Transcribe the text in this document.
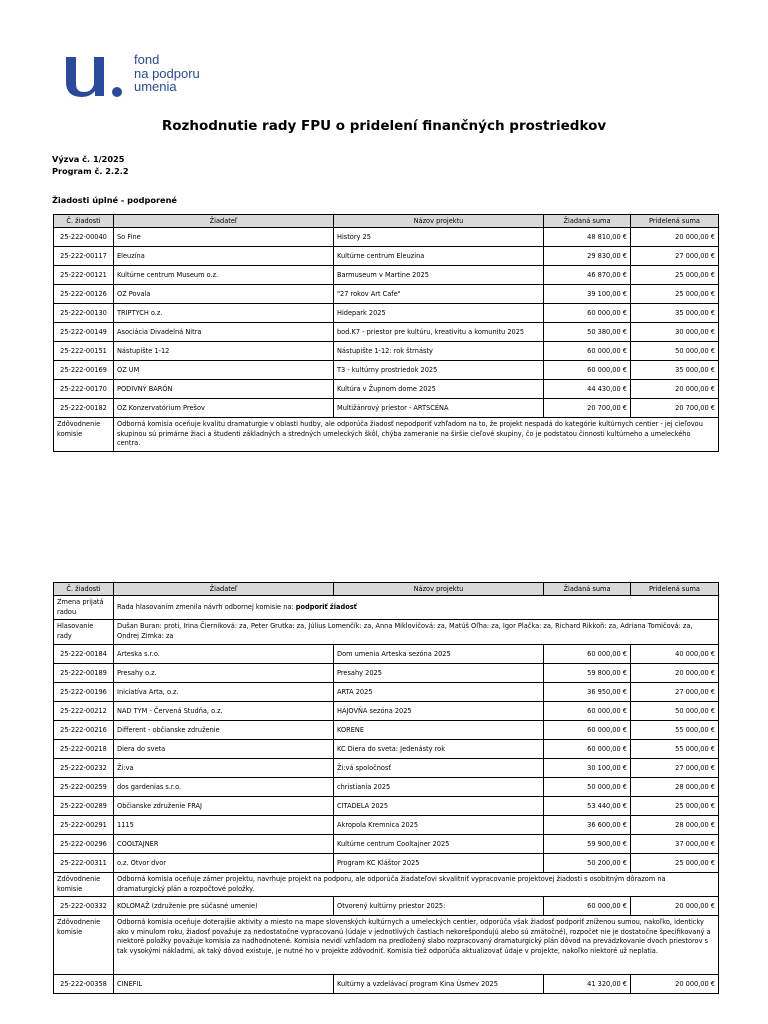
fond
na podporu
umenia
Rozhodnutie rady FPU o pridelení finančných prostriedkov
Výzva č. 1/2025
Program č. 2.2.2
Žiadosti úplné - podporené
Č. žiadosti	Žiadateľ	Názov projektu	Žiadaná suma	Pridelená suma
25-222-00040	So Fine	History 25	48 810,00 €	20 000,00 €
25-222-00117	Eleuzína	Kultúrne centrum Eleuzína	29 830,00 €	27 000,00 €
25-222-00121	Kultúrne centrum Museum o.z.	Barmuseum v Martine 2025	46 870,00 €	25 000,00 €
25-222-00126	OZ Povala	"27 rokov Art Cafe"	39 100,00 €	25 000,00 €
25-222-00130	TRIPTYCH o.z.	Hidepark 2025	60 000,00 €	35 000,00 €
25-222-00149	Asociácia Divadelná Nitra	bod.K7 - priestor pre kultúru, kreativitu a komunitu 2025	50 380,00 €	30 000,00 €
25-222-00151	Nástupište 1-12	Nástupište 1-12: rok štrnásty	60 000,00 €	50 000,00 €
25-222-00169	OZ UM	T3 - kultúrny prostriedok 2025	60 000,00 €	35 000,00 €
25-222-00170	PODIVNÝ BARÓN	Kultúra v Župnom dome 2025	44 430,00 €	20 000,00 €
25-222-00182	OZ Konzervatórium Prešov	Multižánrový priestor - ARTSCÉNA	20 700,00 €	20 700,00 €
Zdôvodnenie komisie	Odborná komisia oceňuje kvalitu dramaturgie v oblasti hudby, ale odporúča žiadosť nepodporiť vzhľadom na to, že projekt nespadá do kategórie kultúrnych centier - jej cieľovou skupinou sú primárne žiaci a študenti základných a stredných umeleckých škôl, chýba zameranie na širšie cieľové skupiny, čo je podstatou činnosti kultúrneho a umeleckého centra.			
Č. žiadosti	Žiadateľ	Názov projektu	Žiadaná suma	Pridelená suma
Zmena prijatá radou	Rada hlasovaním zmenila návrh odbornej komisie na: podporiť žiadosť			
Hlasovanie rady	Dušan Buran: proti, Irina Čierniková: za, Peter Grutka: za, Július Lomenčík: za, Anna Miklovičová: za, Matúš Oľha: za, Igor Plačka: za, Richard Rikkoň: za, Adriana Tomičová: za, Ondrej Zimka: za			
25-222-00184	Arteska s.r.o.	Dom umenia Arteska sezóna 2025	60 000,00 €	40 000,00 €
25-222-00189	Presahy o.z.	Presahy 2025	59 800,00 €	20 000,00 €
25-222-00196	Iniciatíva Arta, o.z.	ARTA 2025	36 950,00 €	27 000,00 €
25-222-00212	NAD TÝM - Červená Studňa, o.z.	HÁJOVŇA sezóna 2025	60 000,00 €	50 000,00 €
25-222-00216	Different - občianske združenie	KORENE	60 000,00 €	55 000,00 €
25-222-00218	Diera do sveta	KC Diera do sveta: Jedenásty rok	60 000,00 €	55 000,00 €
25-222-00232	Ži:va	Ži:vá spoločnosť	30 100,00 €	27 000,00 €
25-222-00259	dos gardenias s.r.o.	christiania 2025	50 000,00 €	28 000,00 €
25-222-00289	Občianske združenie FRAJ	CITADELA 2025	53 440,00 €	25 000,00 €
25-222-00291	1115	Akropola Kremnica 2025	36 600,00 €	28 000,00 €
25-222-00296	COOLTAJNER	Kultúrne centrum Cooltajner 2025	59 900,00 €	37 000,00 €
25-222-00311	o.z. Otvor dvor	Program KC Kláštor 2025	50 200,00 €	25 000,00 €
Zdôvodnenie komisie	Odborná komisia oceňuje zámer projektu, navrhuje projekt na podporu, ale odporúča žiadateľovi skvalitniť vypracovanie projektovej žiadosti s osobitným dôrazom na dramaturgický plán a rozpočtové položky.			
25-222-00332	KOLOMAŽ (združenie pre súčasné umenie)	Otvorený kultúrny priestor 2025:	60 000,00 €	20 000,00 €
Zdôvodnenie komisie	Odborná komisia oceňuje doterajšie aktivity a miesto na mape slovenských kultúrnych a umeleckých centier, odporúča však žiadosť podporiť zníženou sumou, nakoľko, identicky ako v minulom roku, žiadosť považuje za nedostatočne vypracovanú (údaje v jednotlivých častiach nekorešpondujú alebo sú zmätočné), rozpočet nie je dostatočne špecifikovaný a niektoré položky považuje komisia za nadhodnotené. Komisia nevidí vzhľadom na predložený slabo rozpracovaný dramaturgický plán dôvod na prevádzkovanie dvoch priestorov s tak vysokými nákladmi, ak taký dôvod existuje, je nutné ho v projekte zdôvodniť. Komisia tiež odporúča aktualizovať údaje v projekte, nakoľko niektoré už neplatia.			
25-222-00358	CINEFIL	Kultúrny a vzdelávací program Kina Úsmev 2025	41 320,00 €	20 000,00 €
